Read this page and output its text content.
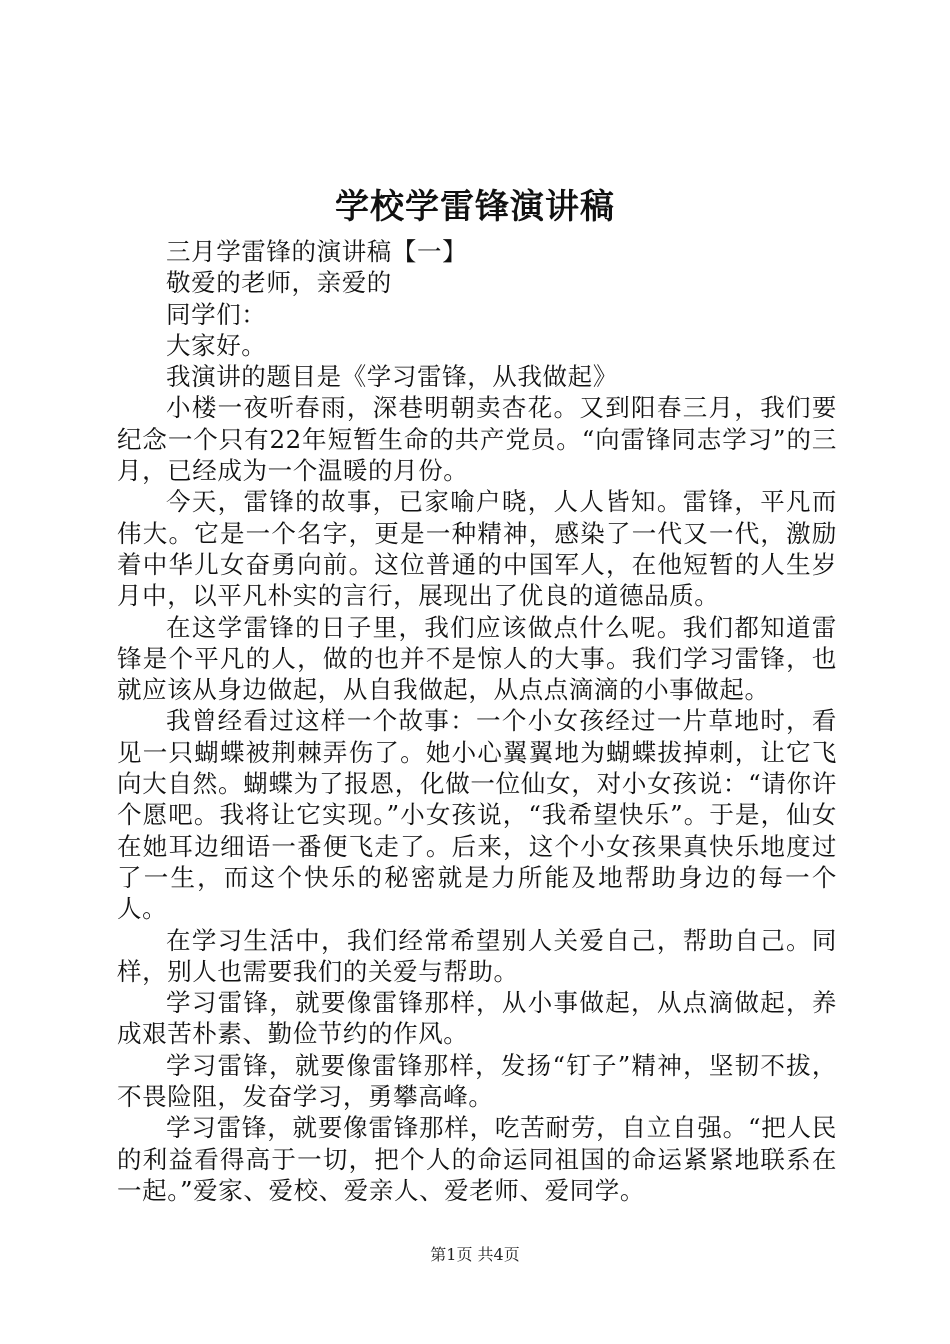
学校学雷锋演讲稿

三月学雷锋的演讲稿【一】

敬爱的老师，亲爱的

同学们：

大家好。

我演讲的题目是《学习雷锋，从我做起》

小楼一夜听春雨，深巷明朝卖杏花。又到阳春三月，我们要纪念一个只有22年短暂生命的共产党员。“向雷锋同志学习”的三月，已经成为一个温暖的月份。

今天，雷锋的故事，已家喻户晓，人人皆知。雷锋，平凡而伟大。它是一个名字，更是一种精神，感染了一代又一代，激励着中华儿女奋勇向前。这位普通的中国军人，在他短暂的人生岁月中，以平凡朴实的言行，展现出了优良的道德品质。

在这学雷锋的日子里，我们应该做点什么呢。我们都知道雷锋是个平凡的人，做的也并不是惊人的大事。我们学习雷锋，也就应该从身边做起，从自我做起，从点点滴滴的小事做起。

我曾经看过这样一个故事：一个小女孩经过一片草地时，看见一只蝴蝶被荆棘弄伤了。她小心翼翼地为蝴蝶拔掉刺，让它飞向大自然。蝴蝶为了报恩，化做一位仙女，对小女孩说：“请你许个愿吧。我将让它实现。”小女孩说，“我希望快乐”。于是，仙女在她耳边细语一番便飞走了。后来，这个小女孩果真快乐地度过了一生，而这个快乐的秘密就是力所能及地帮助身边的每一个人。

在学习生活中，我们经常希望别人关爱自己，帮助自己。同样，别人也需要我们的关爱与帮助。

学习雷锋，就要像雷锋那样，从小事做起，从点滴做起，养成艰苦朴素、勤俭节约的作风。

学习雷锋，就要像雷锋那样，发扬“钉子”精神，坚韧不拔，不畏险阻，发奋学习，勇攀高峰。

学习雷锋，就要像雷锋那样，吃苦耐劳，自立自强。“把人民的利益看得高于一切，把个人的命运同祖国的命运紧紧地联系在一起。”爱家、爱校、爱亲人、爱老师、爱同学。

第1页 共4页
